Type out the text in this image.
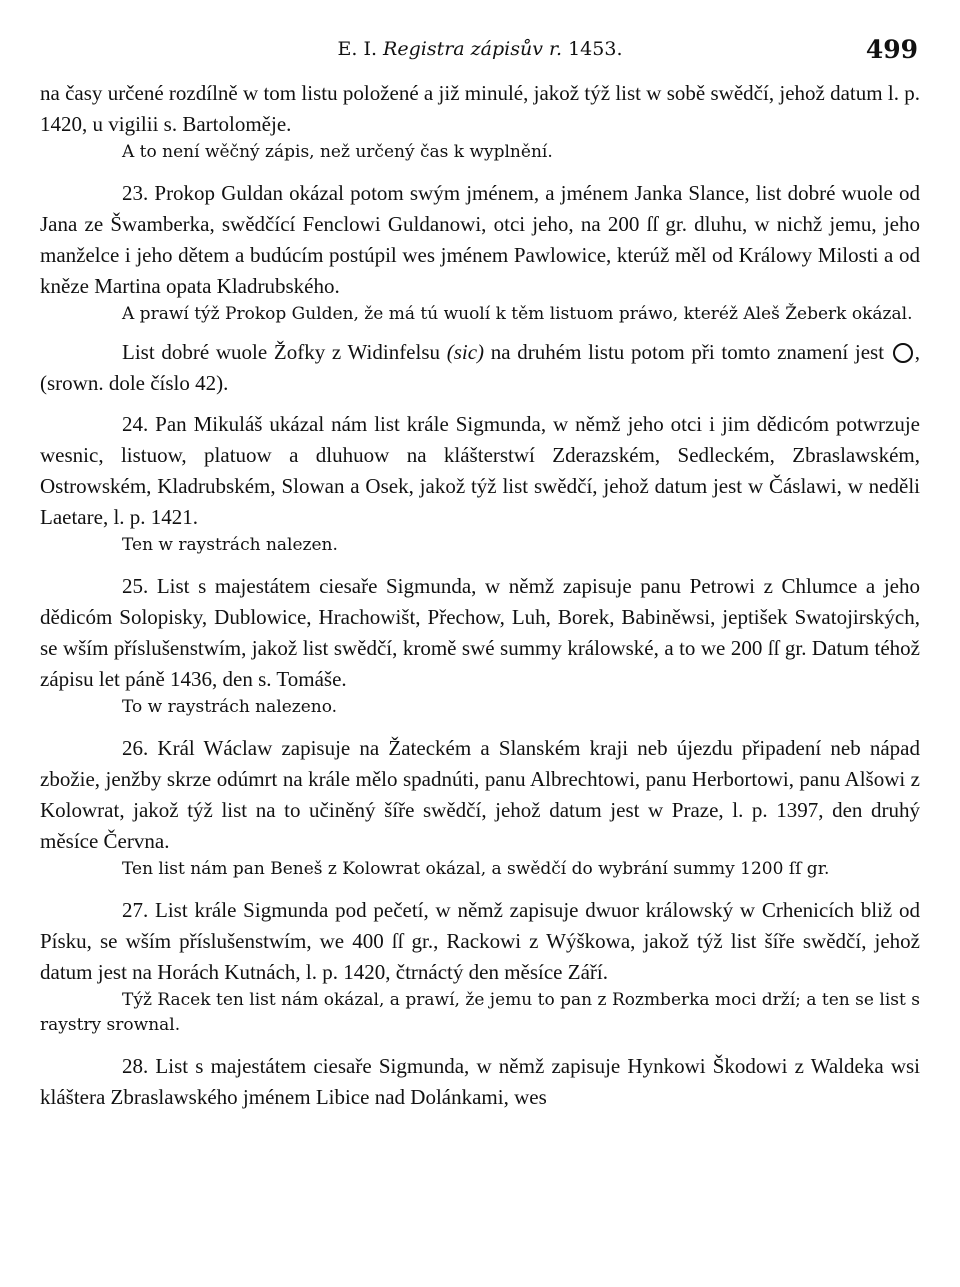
E. I. Registra zápisův r. 1453.	499

na časy určené rozdílně w tom listu položené a již minulé, jakož týž list w sobě swědčí, jehož datum l. p. 1420, u vigilii s. Bartoloměje.

A to není wěčný zápis, než určený čas k wyplnění.

23. Prokop Guldan okázal potom swým jménem, a jménem Janka Slance, list dobré wuole od Jana ze Šwamberka, swědčící Fenclowi Guldanowi, otci jeho, na 200 ſſ gr. dluhu, w nichž jemu, jeho manželce i jeho dětem a budúcím postúpil wes jménem Pawlowice, kterúž měl od Králowy Milosti a od kněze Martina opata Kladrubského.

A prawí týž Prokop Gulden, že má tú wuolí k těm listuom práwo, kteréž Aleš Žeberk okázal.

List dobré wuole Žofky z Widinfelsu (sic) na druhém listu potom při tomto znamení jest , (srown. dole číslo 42).

24. Pan Mikuláš ukázal nám list krále Sigmunda, w němž jeho otci i jim dědicóm potwrzuje wesnic, listuow, platuow a dluhuow na klášterstwí Zderazském, Sedleckém, Zbraslawském, Ostrowském, Kladrubském, Slowan a Osek, jakož týž list swědčí, jehož datum jest w Čáslawi, w neděli Laetare, l. p. 1421.

Ten w raystrách nalezen.

25. List s majestátem ciesaře Sigmunda, w němž zapisuje panu Petrowi z Chlumce a jeho dědicóm Solopisky, Dublowice, Hrachowišt, Přechow, Luh, Borek, Babiněwsi, jeptišek Swatojirských, se wším příslušenstwím, jakož list swědčí, kromě swé summy králowské, a to we 200 ſſ gr. Datum téhož zápisu let páně 1436, den s. Tomáše.

To w raystrách nalezeno.

26. Král Wáclaw zapisuje na Žateckém a Slanském kraji neb újezdu připadení neb nápad zbožie, jenžby skrze odúmrt na krále mělo spadnúti, panu Albrechtowi, panu Herbortowi, panu Alšowi z Kolowrat, jakož týž list na to učiněný šíře swědčí, jehož datum jest w Praze, l. p. 1397, den druhý měsíce Červnа.

Ten list nám pan Beneš z Kolowrat okázal, a swědčí do wybrání summy 1200 ſſ gr.

27. List krále Sigmunda pod pečetí, w němž zapisuje dwuor králowský w Crhenicích bliž od Písku, se wším příslušenstwím, we 400 ſſ gr., Rackowi z Wýškowa, jakož týž list šíře swědčí, jehož datum jest na Horách Kutnách, l. p. 1420, čtrnáctý den měsíce Září.

Týž Racek ten list nám okázal, a prawí, že jemu to pan z Rozmberka moci drží; a ten se list s raystry srownal.

28. List s majestátem ciesaře Sigmunda, w němž zapisuje Hynkowi Škodowi z Waldeka wsi kláštera Zbraslawského jménem Libice nad Dolánkami, wes
